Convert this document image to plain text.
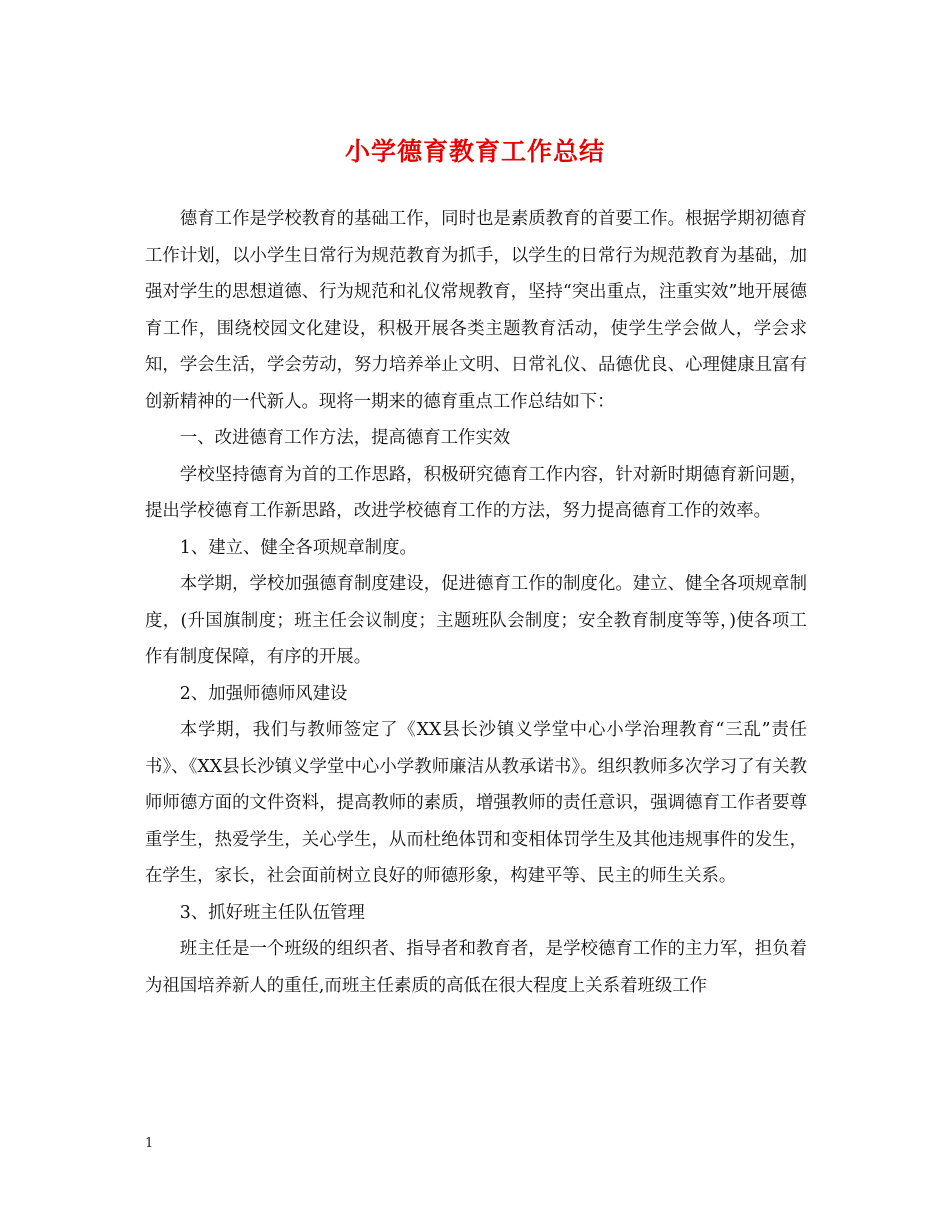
小学德育教育工作总结

德育工作是学校教育的基础工作，同时也是素质教育的首要工作。根据学期初德育工作计划，以小学生日常行为规范教育为抓手，以学生的日常行为规范教育为基础，加强对学生的思想道德、行为规范和礼仪常规教育，坚持“突出重点，注重实效”地开展德育工作，围绕校园文化建设，积极开展各类主题教育活动，使学生学会做人，学会求知，学会生活，学会劳动，努力培养举止文明、日常礼仪、品德优良、心理健康且富有创新精神的一代新人。现将一期来的德育重点工作总结如下：

一、改进德育工作方法，提高德育工作实效

学校坚持德育为首的工作思路，积极研究德育工作内容，针对新时期德育新问题，提出学校德育工作新思路，改进学校德育工作的方法，努力提高德育工作的效率。

1、建立、健全各项规章制度。

本学期，学校加强德育制度建设，促进德育工作的制度化。建立、健全各项规章制度，(升国旗制度；班主任会议制度；主题班队会制度；安全教育制度等等，)使各项工作有制度保障，有序的开展。

2、加强师德师风建设

本学期，我们与教师签定了《XX县长沙镇义学堂中心小学治理教育“三乱”责任书》、《XX县长沙镇义学堂中心小学教师廉洁从教承诺书》。组织教师多次学习了有关教师师德方面的文件资料，提高教师的素质，增强教师的责任意识，强调德育工作者要尊重学生，热爱学生，关心学生，从而杜绝体罚和变相体罚学生及其他违规事件的发生，在学生，家长，社会面前树立良好的师德形象，构建平等、民主的师生关系。

3、抓好班主任队伍管理

班主任是一个班级的组织者、指导者和教育者，是学校德育工作的主力军，担负着为祖国培养新人的重任,而班主任素质的高低在很大程度上关系着班级工作

1
